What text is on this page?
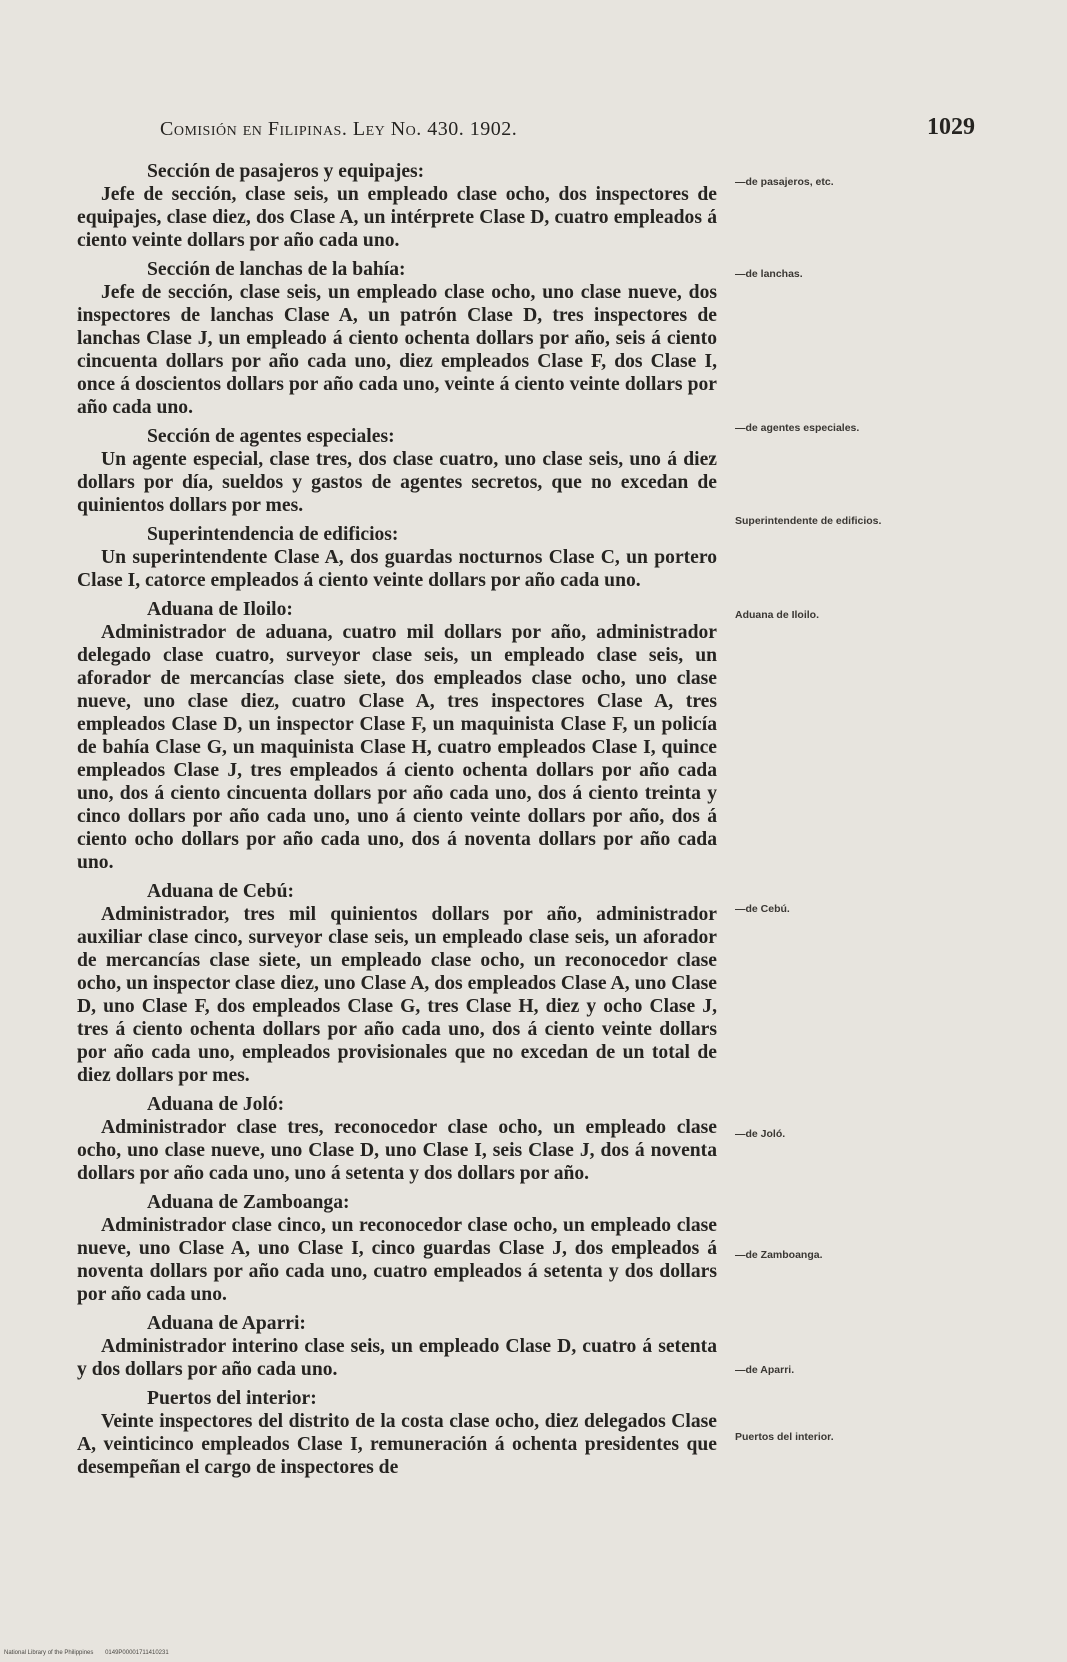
Comisión en Filipinas. Ley No. 430. 1902.	1029

Sección de pasajeros y equipajes:

Jefe de sección, clase seis, un empleado clase ocho, dos inspectores de equipajes, clase diez, dos Clase A, un intérprete Clase D, cuatro empleados á ciento veinte dollars por año cada uno.

Sección de lanchas de la bahía:

Jefe de sección, clase seis, un empleado clase ocho, uno clase nueve, dos inspectores de lanchas Clase A, un patrón Clase D, tres inspectores de lanchas Clase J, un empleado á ciento ochenta dollars por año, seis á ciento cincuenta dollars por año cada uno, diez empleados Clase F, dos Clase I, once á doscientos dollars por año cada uno, veinte á ciento veinte dollars por año cada uno.

Sección de agentes especiales:

Un agente especial, clase tres, dos clase cuatro, uno clase seis, uno á diez dollars por día, sueldos y gastos de agentes secretos, que no excedan de quinientos dollars por mes.

Superintendencia de edificios:

Un superintendente Clase A, dos guardas nocturnos Clase C, un portero Clase I, catorce empleados á ciento veinte dollars por año cada uno.

Aduana de Iloilo:

Administrador de aduana, cuatro mil dollars por año, administrador delegado clase cuatro, surveyor clase seis, un empleado clase seis, un aforador de mercancías clase siete, dos empleados clase ocho, uno clase nueve, uno clase diez, cuatro Clase A, tres inspectores Clase A, tres empleados Clase D, un inspector Clase F, un maquinista Clase F, un policía de bahía Clase G, un maquinista Clase H, cuatro empleados Clase I, quince empleados Clase J, tres empleados á ciento ochenta dollars por año cada uno, dos á ciento cincuenta dollars por año cada uno, dos á ciento treinta y cinco dollars por año cada uno, uno á ciento veinte dollars por año, dos á ciento ocho dollars por año cada uno, dos á noventa dollars por año cada uno.

Aduana de Cebú:

Administrador, tres mil quinientos dollars por año, administrador auxiliar clase cinco, surveyor clase seis, un empleado clase seis, un aforador de mercancías clase siete, un empleado clase ocho, un reconocedor clase ocho, un inspector clase diez, uno Clase A, dos empleados Clase A, uno Clase D, uno Clase F, dos empleados Clase G, tres Clase H, diez y ocho Clase J, tres á ciento ochenta dollars por año cada uno, dos á ciento veinte dollars por año cada uno, empleados provisionales que no excedan de un total de diez dollars por mes.

Aduana de Joló:

Administrador clase tres, reconocedor clase ocho, un empleado clase ocho, uno clase nueve, uno Clase D, uno Clase I, seis Clase J, dos á noventa dollars por año cada uno, uno á setenta y dos dollars por año.

Aduana de Zamboanga:

Administrador clase cinco, un reconocedor clase ocho, un empleado clase nueve, uno Clase A, uno Clase I, cinco guardas Clase J, dos empleados á noventa dollars por año cada uno, cuatro empleados á setenta y dos dollars por año cada uno.

Aduana de Aparri:

Administrador interino clase seis, un empleado Clase D, cuatro á setenta y dos dollars por año cada uno.

Puertos del interior:

Veinte inspectores del distrito de la costa clase ocho, diez delegados Clase A, veinticinco empleados Clase I, remuneración á ochenta presidentes que desempeñan el cargo de inspectores de

—de pasajeros, etc.
—de lanchas.
—de agentes especiales.
Superintendente de edificios.
Aduana de Iloilo.
—de Cebú.
—de Joló.
—de Zamboanga.
—de Aparri.
Puertos del interior.
National Library of the Philippines 0149P00001711410231
